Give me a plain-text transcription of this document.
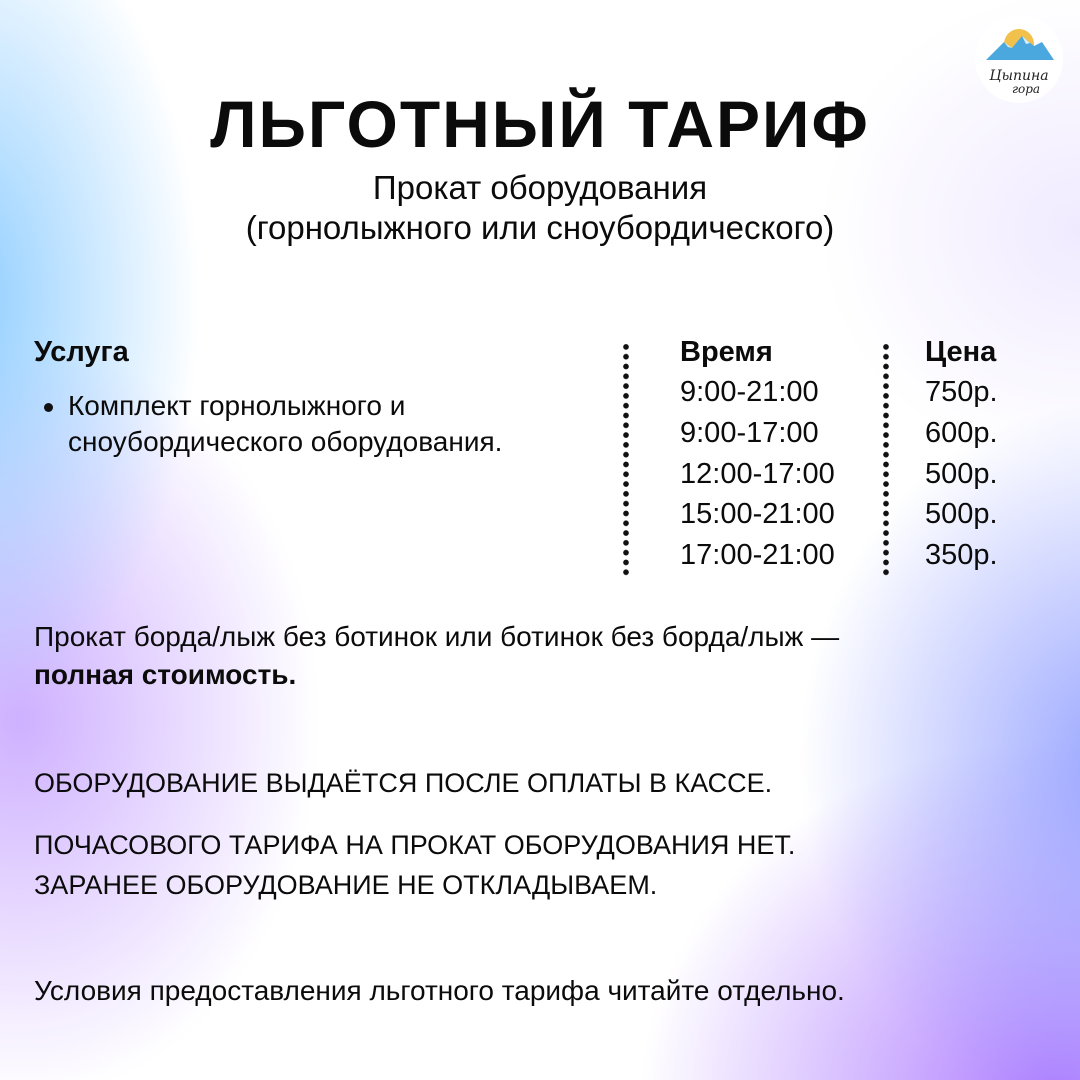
Цыпина
гора
ЛЬГОТНЫЙ ТАРИФ
Прокат оборудования
(горнолыжного или сноубордического)
Услуга	Время	Цена
Комплект горнолыжного и
сноубордического оборудования.
9:00-21:00
9:00-17:00
12:00-17:00
15:00-21:00
17:00-21:00
750р.
600р.
500р.
500р.
350р.
Прокат борда/лыж без ботинок или ботинок без борда/лыж —
полная стоимость.
ОБОРУДОВАНИЕ ВЫДАЁТСЯ ПОСЛЕ ОПЛАТЫ В КАССЕ.
ПОЧАСОВОГО ТАРИФА НА ПРОКАТ ОБОРУДОВАНИЯ НЕТ.
ЗАРАНЕЕ ОБОРУДОВАНИЕ НЕ ОТКЛАДЫВАЕМ.
Условия предоставления льготного тарифа читайте отдельно.
